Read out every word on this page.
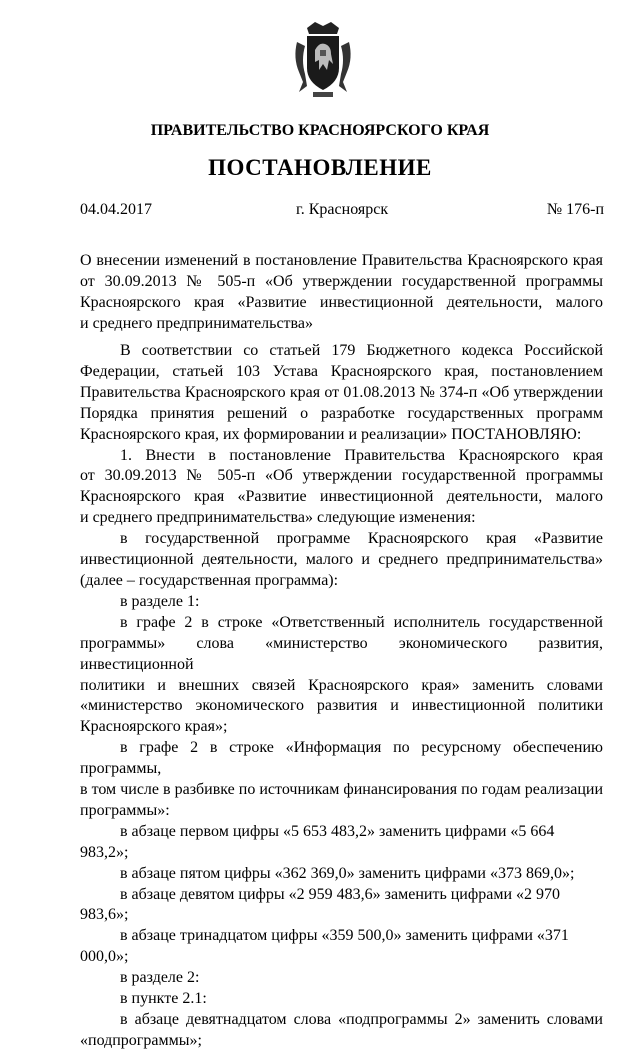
ПРАВИТЕЛЬСТВО КРАСНОЯРСКОГО КРАЯ
ПОСТАНОВЛЕНИЕ
04.04.2017	г. Красноярск	№ 176-п
О внесении изменений в постановление Правительства Красноярского края
от 30.09.2013 № 505-п «Об утверждении государственной программы
Красноярского края «Развитие инвестиционной деятельности, малого
и среднего предпринимательства»

В соответствии со статьей 179 Бюджетного кодекса Российской
Федерации, статьей 103 Устава Красноярского края, постановлением
Правительства Красноярского края от 01.08.2013 № 374-п «Об утверждении
Порядка принятия решений о разработке государственных программ
Красноярского края, их формировании и реализации» ПОСТАНОВЛЯЮ:

1. Внести в постановление Правительства Красноярского края
от 30.09.2013 № 505-п «Об утверждении государственной программы
Красноярского края «Развитие инвестиционной деятельности, малого
и среднего предпринимательства» следующие изменения:

в государственной программе Красноярского края «Развитие
инвестиционной деятельности, малого и среднего предпринимательства»
(далее – государственная программа):

в разделе 1:

в графе 2 в строке «Ответственный исполнитель государственной
программы» слова «министерство экономического развития, инвестиционной
политики и внешних связей Красноярского края» заменить словами
«министерство экономического развития и инвестиционной политики
Красноярского края»;

в графе 2 в строке «Информация по ресурсному обеспечению программы,
в том числе в разбивке по источникам финансирования по годам реализации
программы»:

в абзаце первом цифры «5 653 483,2» заменить цифрами «5 664 983,2»;

в абзаце пятом цифры «362 369,0» заменить цифрами «373 869,0»;

в абзаце девятом цифры «2 959 483,6» заменить цифрами «2 970 983,6»;

в абзаце тринадцатом цифры «359 500,0» заменить цифрами «371 000,0»;

в разделе 2:

в пункте 2.1:

в абзаце девятнадцатом слова «подпрограммы 2» заменить словами
«подпрограммы»;
